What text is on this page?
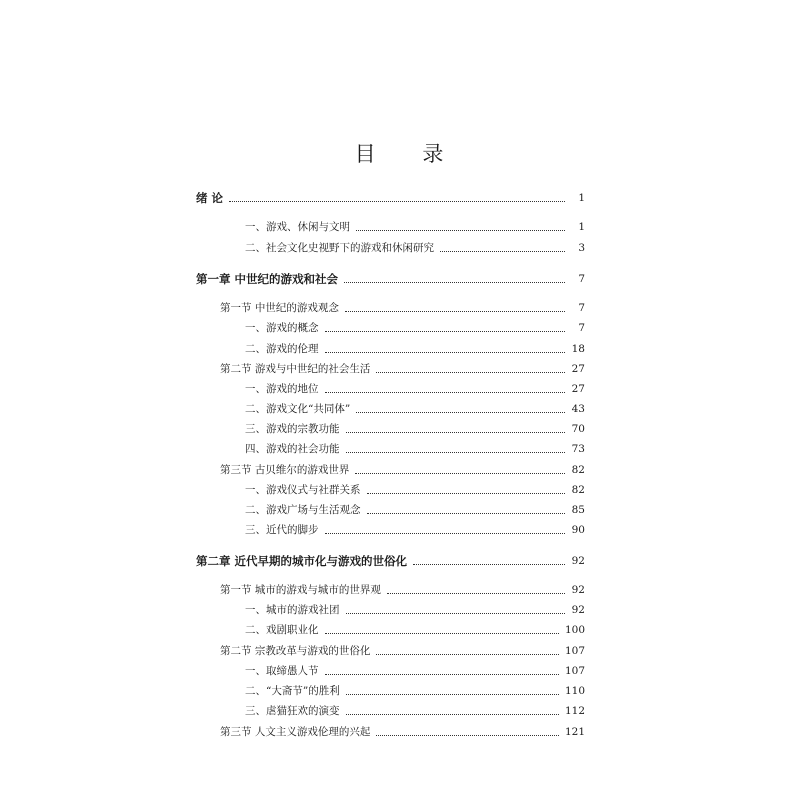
目 录
绪 论	1
一、游戏、休闲与文明	1
二、社会文化史视野下的游戏和休闲研究	3
第一章 中世纪的游戏和社会	7
第一节 中世纪的游戏观念	7
一、游戏的概念	7
二、游戏的伦理	18
第二节 游戏与中世纪的社会生活	27
一、游戏的地位	27
二、游戏文化“共同体”	43
三、游戏的宗教功能	70
四、游戏的社会功能	73
第三节 古贝维尔的游戏世界	82
一、游戏仪式与社群关系	82
二、游戏广场与生活观念	85
三、近代的脚步	90
第二章 近代早期的城市化与游戏的世俗化	92
第一节 城市的游戏与城市的世界观	92
一、城市的游戏社团	92
二、戏剧职业化	100
第二节 宗教改革与游戏的世俗化	107
一、取缔愚人节	107
二、“大斋节”的胜利	110
三、虐猫狂欢的演变	112
第三节 人文主义游戏伦理的兴起	121
